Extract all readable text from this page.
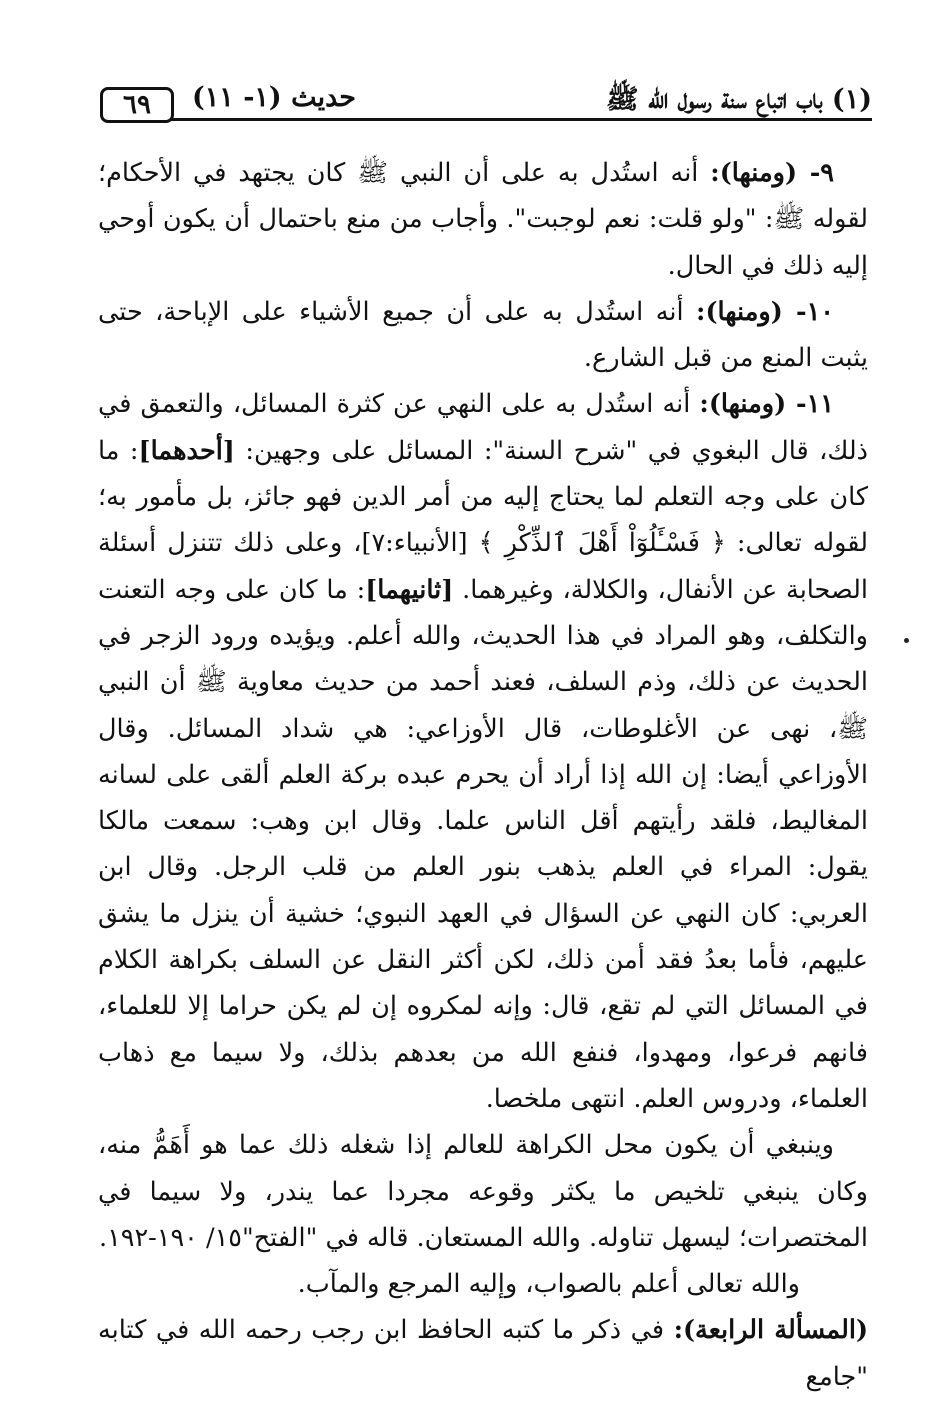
٦٩	حديث (١- ١١)	(١) باب اتباع سنة رسول الله ﷺ

٩- (ومنها): أنه استُدل به على أن النبي ﷺ كان يجتهد في الأحكام؛ لقوله ﷺ: "ولو قلت: نعم لوجبت". وأجاب من منع باحتمال أن يكون أوحي إليه ذلك في الحال.

١٠- (ومنها): أنه استُدل به على أن جميع الأشياء على الإباحة، حتى يثبت المنع من قبل الشارع.

١١- (ومنها): أنه استُدل به على النهي عن كثرة المسائل، والتعمق في ذلك، قال البغوي في "شرح السنة": المسائل على وجهين: [أحدهما]: ما كان على وجه التعلم لما يحتاج إليه من أمر الدين فهو جائز، بل مأمور به؛ لقوله تعالى: ﴿ فَسْـَٔلُوٓاْ أَهْلَ ٱلذِّكْرِ ﴾ [الأنبياء:٧]، وعلى ذلك تتنزل أسئلة الصحابة عن الأنفال، والكلالة، وغيرهما. [ثانيهما]: ما كان على وجه التعنت والتكلف، وهو المراد في هذا الحديث، والله أعلم. ويؤيده ورود الزجر في الحديث عن ذلك، وذم السلف، فعند أحمد من حديث معاوية ﷺ أن النبي ﷺ، نهى عن الأغلوطات، قال الأوزاعي: هي شداد المسائل. وقال الأوزاعي أيضا: إن الله إذا أراد أن يحرم عبده بركة العلم ألقى على لسانه المغاليط، فلقد رأيتهم أقل الناس علما. وقال ابن وهب: سمعت مالكا يقول: المراء في العلم يذهب بنور العلم من قلب الرجل. وقال ابن العربي: كان النهي عن السؤال في العهد النبوي؛ خشية أن ينزل ما يشق عليهم، فأما بعدُ فقد أمن ذلك، لكن أكثر النقل عن السلف بكراهة الكلام في المسائل التي لم تقع، قال: وإنه لمكروه إن لم يكن حراما إلا للعلماء، فانهم فرعوا، ومهدوا، فنفع الله من بعدهم بذلك، ولا سيما مع ذهاب العلماء، ودروس العلم. انتهى ملخصا.

وينبغي أن يكون محل الكراهة للعالم إذا شغله ذلك عما هو أَهَمُّ منه، وكان ينبغي تلخيص ما يكثر وقوعه مجردا عما يندر، ولا سيما في المختصرات؛ ليسهل تناوله. والله المستعان. قاله في "الفتح"١٥/ ١٩٠-١٩٢.

والله تعالى أعلم بالصواب، وإليه المرجع والمآب.

(المسألة الرابعة): في ذكر ما كتبه الحافظ ابن رجب رحمه الله في كتابه "جامع
